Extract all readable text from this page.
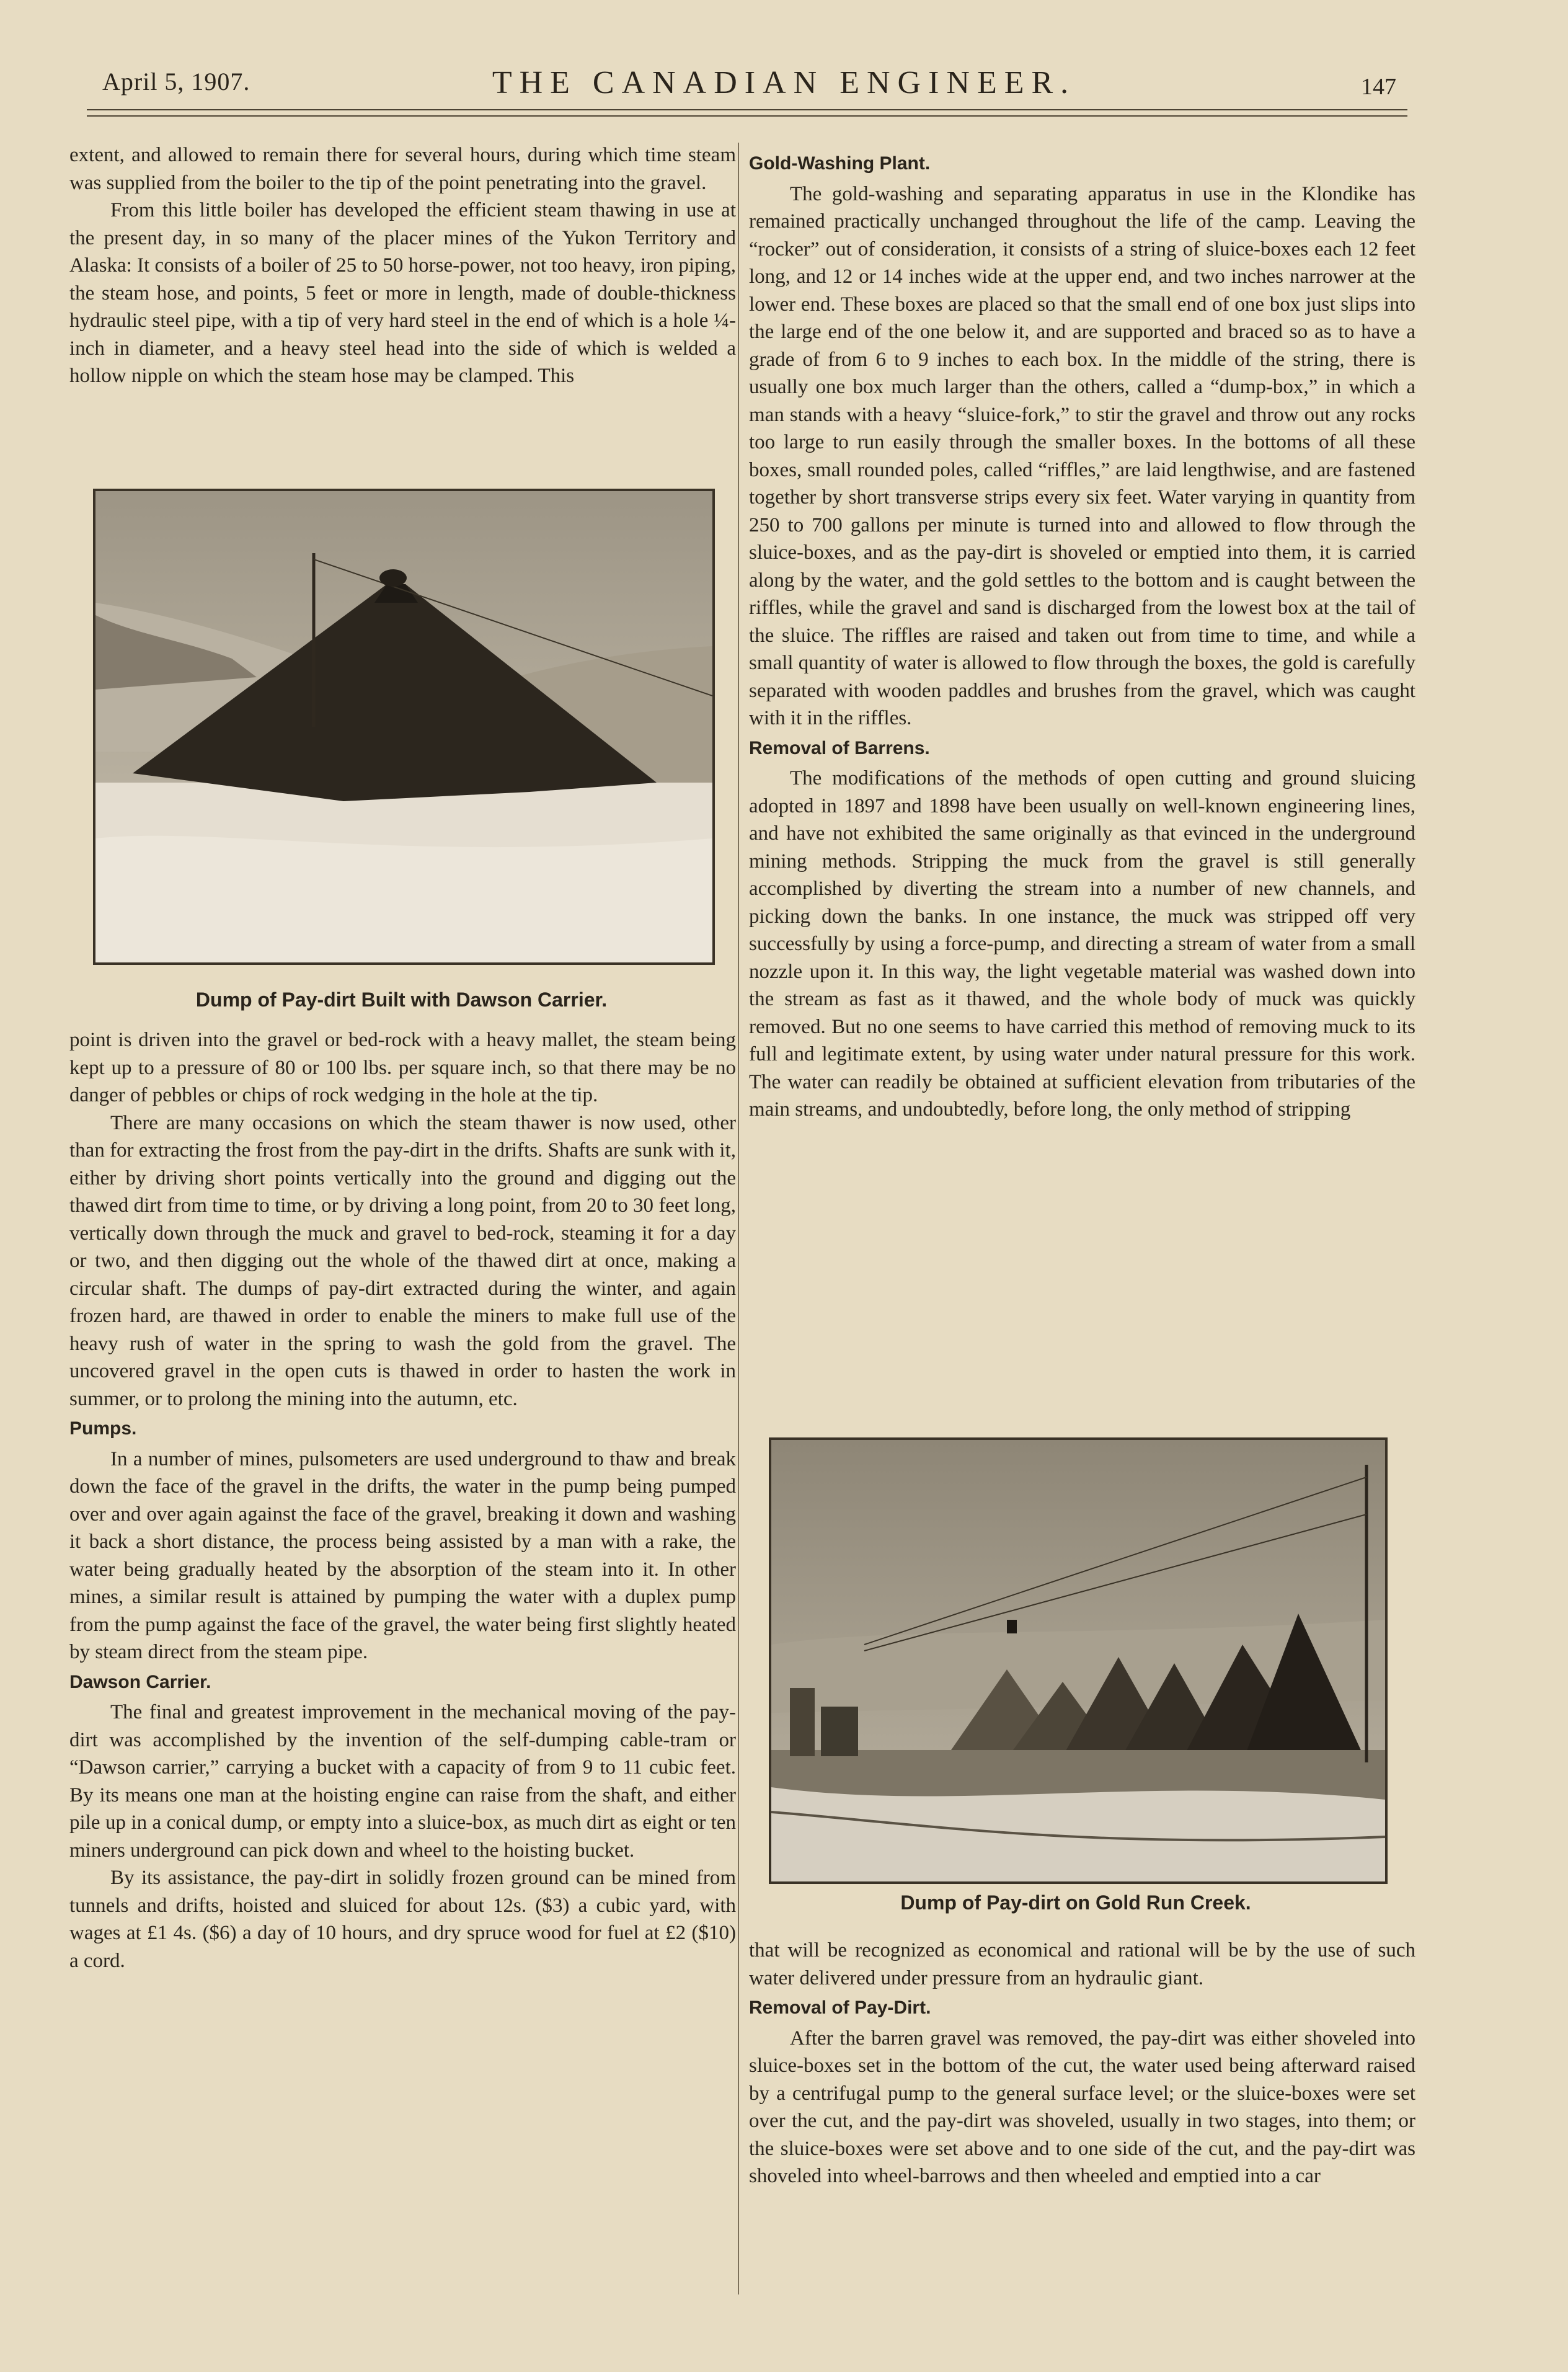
April 5, 1907.	THE CANADIAN ENGINEER.	147

extent, and allowed to remain there for several hours, during which time steam was supplied from the boiler to the tip of the point penetrating into the gravel.

From this little boiler has developed the efficient steam thawing in use at the present day, in so many of the placer mines of the Yukon Territory and Alaska: It consists of a boiler of 25 to 50 horse-power, not too heavy, iron piping, the steam hose, and points, 5 feet or more in length, made of double-thickness hydraulic steel pipe, with a tip of very hard steel in the end of which is a hole ¼-inch in diameter, and a heavy steel head into the side of which is welded a hollow nipple on which the steam hose may be clamped. This

Dump of Pay-dirt Built with Dawson Carrier.

point is driven into the gravel or bed-rock with a heavy mallet, the steam being kept up to a pressure of 80 or 100 lbs. per square inch, so that there may be no danger of pebbles or chips of rock wedging in the hole at the tip.

There are many occasions on which the steam thawer is now used, other than for extracting the frost from the pay-dirt in the drifts. Shafts are sunk with it, either by driving short points vertically into the ground and digging out the thawed dirt from time to time, or by driving a long point, from 20 to 30 feet long, vertically down through the muck and gravel to bed-rock, steaming it for a day or two, and then digging out the whole of the thawed dirt at once, making a circular shaft. The dumps of pay-dirt extracted during the winter, and again frozen hard, are thawed in order to enable the miners to make full use of the heavy rush of water in the spring to wash the gold from the gravel. The uncovered gravel in the open cuts is thawed in order to hasten the work in summer, or to prolong the mining into the autumn, etc.

Pumps.

In a number of mines, pulsometers are used underground to thaw and break down the face of the gravel in the drifts, the water in the pump being pumped over and over again against the face of the gravel, breaking it down and washing it back a short distance, the process being assisted by a man with a rake, the water being gradually heated by the absorption of the steam into it. In other mines, a similar result is attained by pumping the water with a duplex pump from the pump against the face of the gravel, the water being first slightly heated by steam direct from the steam pipe.

Dawson Carrier.

The final and greatest improvement in the mechanical moving of the pay-dirt was accomplished by the invention of the self-dumping cable-tram or “Dawson carrier,” carrying a bucket with a capacity of from 9 to 11 cubic feet. By its means one man at the hoisting engine can raise from the shaft, and either pile up in a conical dump, or empty into a sluice-box, as much dirt as eight or ten miners underground can pick down and wheel to the hoisting bucket.

By its assistance, the pay-dirt in solidly frozen ground can be mined from tunnels and drifts, hoisted and sluiced for about 12s. ($3) a cubic yard, with wages at £1 4s. ($6) a day of 10 hours, and dry spruce wood for fuel at £2 ($10) a cord.

Gold-Washing Plant.

The gold-washing and separating apparatus in use in the Klondike has remained practically unchanged throughout the life of the camp. Leaving the “rocker” out of consideration, it consists of a string of sluice-boxes each 12 feet long, and 12 or 14 inches wide at the upper end, and two inches narrower at the lower end. These boxes are placed so that the small end of one box just slips into the large end of the one below it, and are supported and braced so as to have a grade of from 6 to 9 inches to each box. In the middle of the string, there is usually one box much larger than the others, called a “dump-box,” in which a man stands with a heavy “sluice-fork,” to stir the gravel and throw out any rocks too large to run easily through the smaller boxes. In the bottoms of all these boxes, small rounded poles, called “riffles,” are laid lengthwise, and are fastened together by short transverse strips every six feet. Water varying in quantity from 250 to 700 gallons per minute is turned into and allowed to flow through the sluice-boxes, and as the pay-dirt is shoveled or emptied into them, it is carried along by the water, and the gold settles to the bottom and is caught between the riffles, while the gravel and sand is discharged from the lowest box at the tail of the sluice. The riffles are raised and taken out from time to time, and while a small quantity of water is allowed to flow through the boxes, the gold is carefully separated with wooden paddles and brushes from the gravel, which was caught with it in the riffles.

Removal of Barrens.

The modifications of the methods of open cutting and ground sluicing adopted in 1897 and 1898 have been usually on well-known engineering lines, and have not exhibited the same originally as that evinced in the underground mining methods. Stripping the muck from the gravel is still generally accomplished by diverting the stream into a number of new channels, and picking down the banks. In one instance, the muck was stripped off very successfully by using a force-pump, and directing a stream of water from a small nozzle upon it. In this way, the light vegetable material was washed down into the stream as fast as it thawed, and the whole body of muck was quickly removed. But no one seems to have carried this method of removing muck to its full and legitimate extent, by using water under natural pressure for this work. The water can readily be obtained at sufficient elevation from tributaries of the main streams, and undoubtedly, before long, the only method of stripping

Dump of Pay-dirt on Gold Run Creek.

that will be recognized as economical and rational will be by the use of such water delivered under pressure from an hydraulic giant.

Removal of Pay-Dirt.

After the barren gravel was removed, the pay-dirt was either shoveled into sluice-boxes set in the bottom of the cut, the water used being afterward raised by a centrifugal pump to the general surface level; or the sluice-boxes were set over the cut, and the pay-dirt was shoveled, usually in two stages, into them; or the sluice-boxes were set above and to one side of the cut, and the pay-dirt was shoveled into wheel-barrows and then wheeled and emptied into a car
